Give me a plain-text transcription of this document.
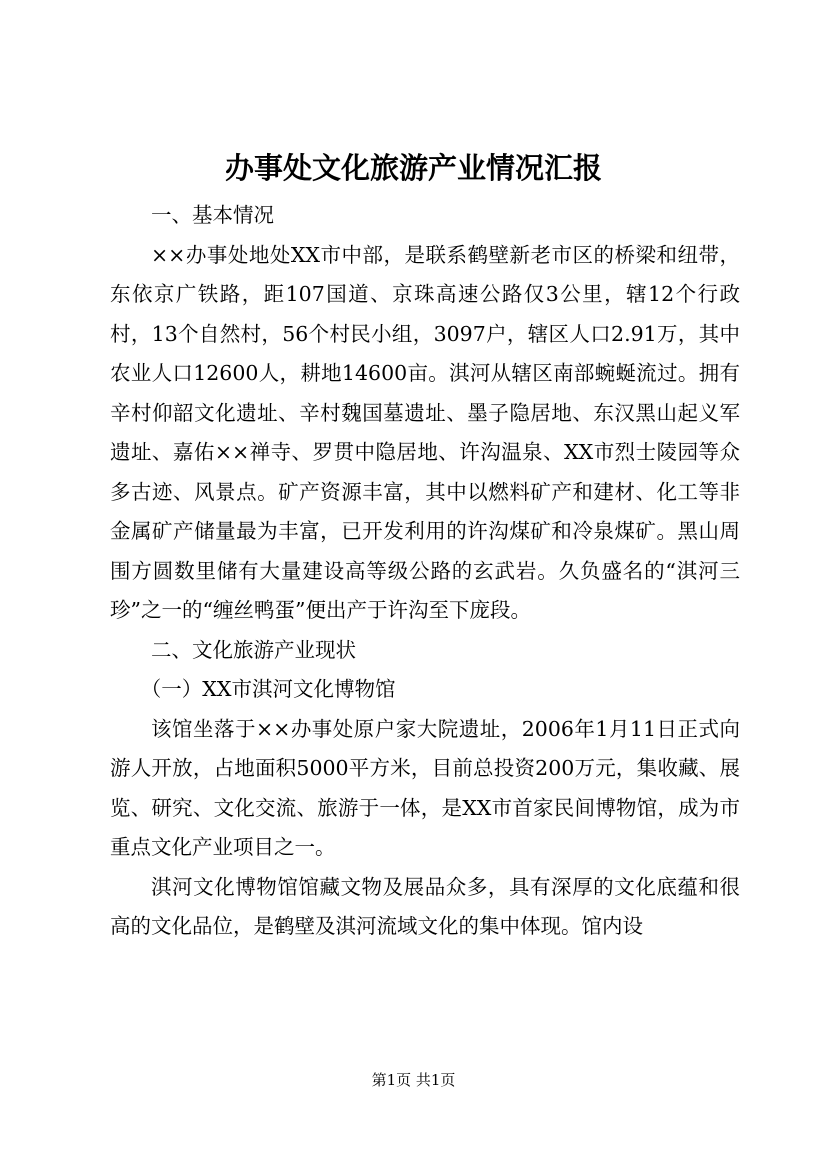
办事处文化旅游产业情况汇报

一、基本情况

××办事处地处XX市中部，是联系鹤壁新老市区的桥梁和纽带，东依京广铁路，距107国道、京珠高速公路仅3公里，辖12个行政村，13个自然村，56个村民小组，3097户，辖区人口2.91万，其中农业人口12600人，耕地14600亩。淇河从辖区南部蜿蜒流过。拥有辛村仰韶文化遗址、辛村魏国墓遗址、墨子隐居地、东汉黑山起义军遗址、嘉佑××禅寺、罗贯中隐居地、许沟温泉、XX市烈士陵园等众多古迹、风景点。矿产资源丰富，其中以燃料矿产和建材、化工等非金属矿产储量最为丰富，已开发利用的许沟煤矿和冷泉煤矿。黑山周围方圆数里储有大量建设高等级公路的玄武岩。久负盛名的“淇河三珍”之一的“缠丝鸭蛋”便出产于许沟至下庞段。

二、文化旅游产业现状

（一）XX市淇河文化博物馆

该馆坐落于××办事处原户家大院遗址，2006年1月11日正式向游人开放，占地面积5000平方米，目前总投资200万元，集收藏、展览、研究、文化交流、旅游于一体，是XX市首家民间博物馆，成为市重点文化产业项目之一。

淇河文化博物馆馆藏文物及展品众多，具有深厚的文化底蕴和很高的文化品位，是鹤壁及淇河流域文化的集中体现。馆内设

第1页 共1页
